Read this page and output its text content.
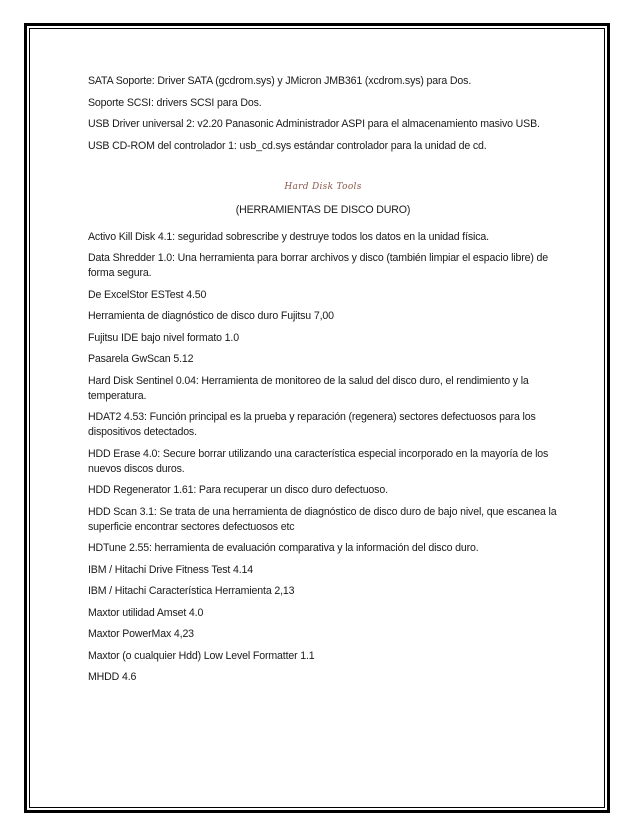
SATA Soporte: Driver SATA (gcdrom.sys) y JMicron JMB361 (xcdrom.sys) para Dos.

Soporte SCSI: drivers SCSI para Dos.

USB Driver universal 2: v2.20 Panasonic Administrador ASPI para el almacenamiento masivo USB.

USB CD-ROM del controlador 1: usb_cd.sys estándar controlador para la unidad de cd.

Hard Disk Tools
(HERRAMIENTAS DE DISCO DURO)

Activo Kill Disk 4.1: seguridad sobrescribe y destruye todos los datos en la unidad física.

Data Shredder 1.0: Una herramienta para borrar archivos y disco (también limpiar el espacio libre) de forma segura.

De ExcelStor ESTest 4.50

Herramienta de diagnóstico de disco duro Fujitsu 7,00

Fujitsu IDE bajo nivel formato 1.0

Pasarela GwScan 5.12

Hard Disk Sentinel 0.04: Herramienta de monitoreo de la salud del disco duro, el rendimiento y la temperatura.

HDAT2 4.53: Función principal es la prueba y reparación (regenera) sectores defectuosos para los dispositivos detectados.

HDD Erase 4.0: Secure borrar utilizando una característica especial incorporado en la mayoría de los nuevos discos duros.

HDD Regenerator 1.61: Para recuperar un disco duro defectuoso.

HDD Scan 3.1: Se trata de una herramienta de diagnóstico de disco duro de bajo nivel, que escanea la superficie encontrar sectores defectuosos etc

HDTune 2.55: herramienta de evaluación comparativa y la información del disco duro.

IBM / Hitachi Drive Fitness Test 4.14

IBM / Hitachi Característica Herramienta 2,13

Maxtor utilidad Amset 4.0

Maxtor PowerMax 4,23

Maxtor (o cualquier Hdd) Low Level Formatter 1.1

MHDD 4.6
